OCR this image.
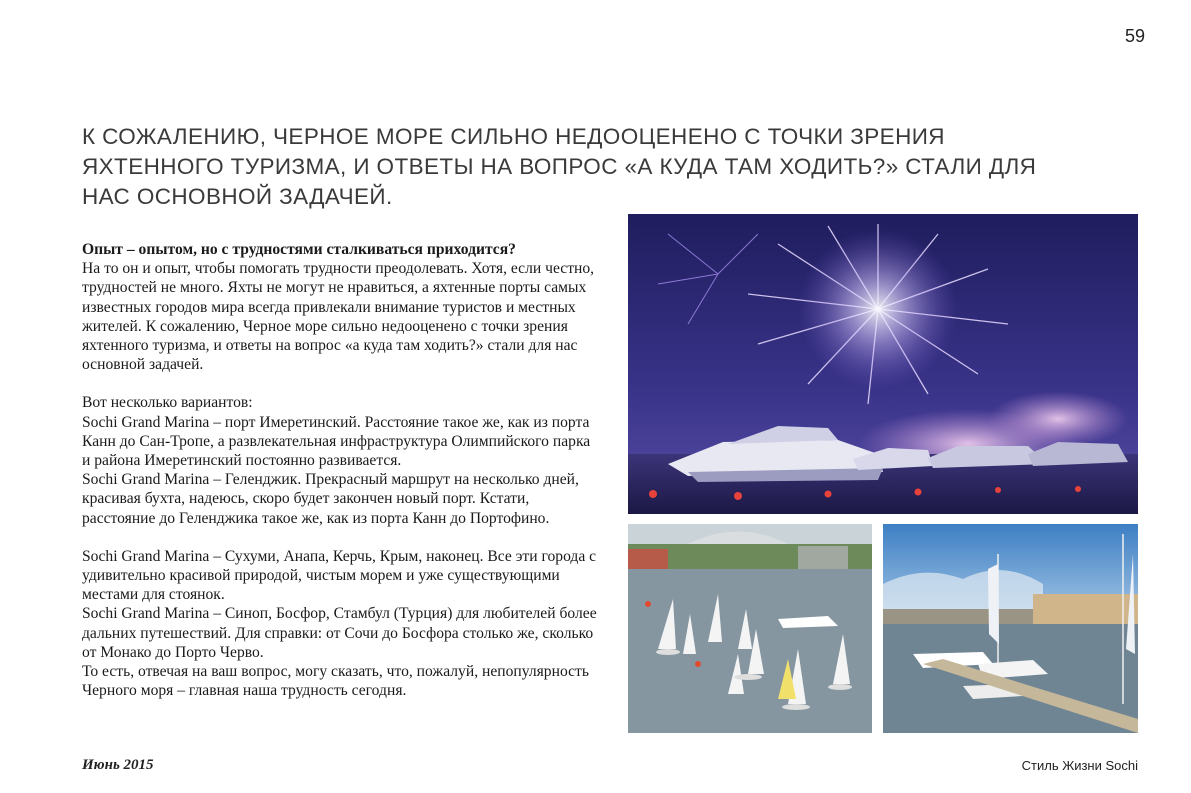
59
К СОЖАЛЕНИЮ, ЧЕРНОЕ МОРЕ СИЛЬНО НЕДООЦЕНЕНО С ТОЧКИ ЗРЕНИЯ ЯХТЕННОГО ТУРИЗМА, И ОТВЕТЫ НА ВОПРОС «А КУДА ТАМ ХОДИТЬ?» СТАЛИ ДЛЯ НАС ОСНОВНОЙ ЗАДАЧЕЙ.

Опыт – опытом, но с трудностями сталкиваться приходится?

На то он и опыт, чтобы помогать трудности преодолевать. Хотя, если честно, трудностей не много. Яхты не могут не нравиться, а яхтенные порты самых известных городов мира всегда привлекали внимание туристов и местных жителей. К сожалению, Черное море сильно недооценено с точки зрения яхтенного туризма, и ответы на вопрос «а куда там ходить?» стали для нас основной задачей.

Вот несколько вариантов:

Sochi Grand Marina – порт Имеретинский. Расстояние такое же, как из порта Канн до Сан-Тропе, а развлекательная инфраструктура Олимпийского парка и района Имеретинский постоянно развивается.

Sochi Grand Marina – Геленджик. Прекрасный маршрут на несколько дней, красивая бухта, надеюсь, скоро будет закончен новый порт. Кстати, расстояние до Геленджика такое же, как из порта Канн до Портофино.

Sochi Grand Marina – Сухуми, Анапа, Керчь, Крым, наконец. Все эти города с удивительно красивой природой, чистым морем и уже существующими местами для стоянок.

Sochi Grand Marina – Синоп, Босфор, Стамбул (Турция) для любителей более дальних путешествий. Для справки: от Сочи до Босфора столько же, сколько от Монако до Порто Черво.

То есть, отвечая на ваш вопрос, могу сказать, что, пожалуй, непопулярность Черного моря – главная наша трудность сегодня.

Июнь 2015	Стиль Жизни Sochi
